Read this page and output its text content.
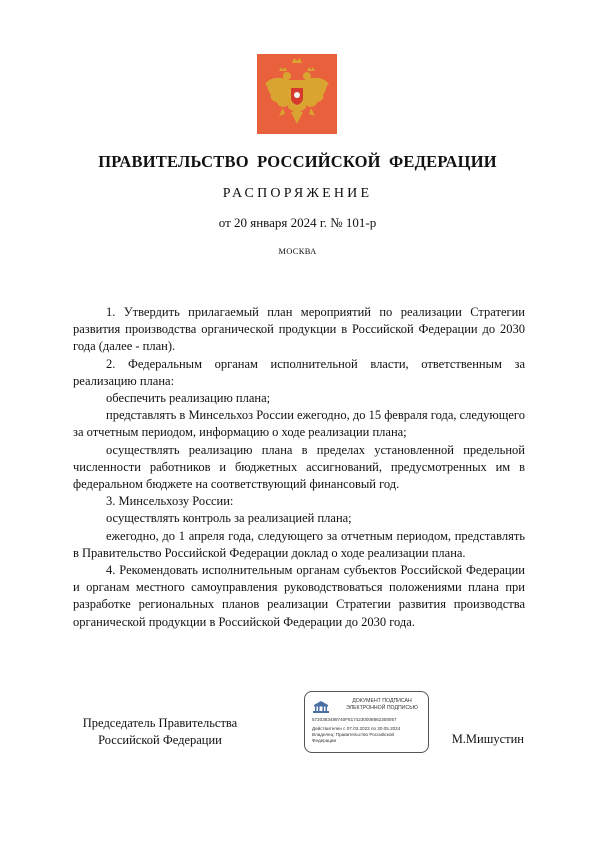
ПРАВИТЕЛЬСТВО РОССИЙСКОЙ ФЕДЕРАЦИИ
РАСПОРЯЖЕНИЕ
от 20 января 2024 г. № 101-р
МОСКВА

1. Утвердить прилагаемый план мероприятий по реализации Стратегии развития производства органической продукции в Российской Федерации до 2030 года (далее - план).

2. Федеральным органам исполнительной власти, ответственным за реализацию плана:

обеспечить реализацию плана;

представлять в Минсельхоз России ежегодно, до 15 февраля года, следующего за отчетным периодом, информацию о ходе реализации плана;

осуществлять реализацию плана в пределах установленной предельной численности работников и бюджетных ассигнований, предусмотренных им в федеральном бюджете на соответствующий финансовый год.

3. Минсельхозу России:

осуществлять контроль за реализацией плана;

ежегодно, до 1 апреля года, следующего за отчетным периодом, представлять в Правительство Российской Федерации доклад о ходе реализации плана.

4. Рекомендовать исполнительным органам субъектов Российской Федерации и органам местного самоуправления руководствоваться положениями плана при разработке региональных планов реализации Стратегии развития производства органической продукции в Российской Федерации до 2030 года.

Председатель Правительства
Российской Федерации
ДОКУМЕНТ ПОДПИСАН
ЭЛЕКТРОННОЙ ПОДПИСЬЮ
5720383489740F8174230008862308057
Действителен с 07.03.2023 по 30.05.2024
Владелец: Правительство Российской
Федерации	М.Мишустин
